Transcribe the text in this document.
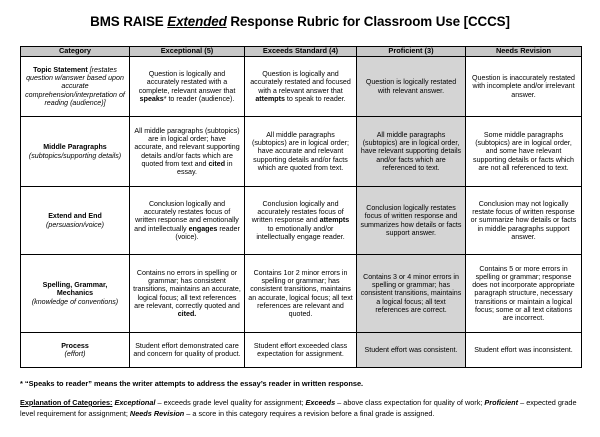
BMS RAISE Extended Response Rubric for Classroom Use [CCCS]
Category	Exceptional (5)	Exceeds Standard (4)	Proficient (3)	Needs Revision
Topic Statement [restates question w/answer based upon accurate comprehension/interpretation of reading (audience)]	Question is logically and accurately restated with a complete, relevant answer that speaks* to reader (audience).	Question is logically and accurately restated and focused with a relevant answer that attempts to speak to reader.	Question is logically restated with relevant answer.	Question is inaccurately restated with incomplete and/or irrelevant answer.

Middle Paragraphs
(subtopics/supporting details)	All middle paragraphs (subtopics) are in logical order; have accurate, and relevant supporting details and/or facts which are quoted from text and cited in essay.	All middle paragraphs (subtopics) are in logical order; have accurate and relevant supporting details and/or facts which are quoted from text.	All middle paragraphs (subtopics) are in logical order, have relevant supporting details and/or facts which are referenced to text.	Some middle paragraphs (subtopics) are in logical order, and some have relevant supporting details or facts which are not all referenced to text.

Extend and End
(persuasion/voice)	Conclusion logically and accurately restates focus of written response and emotionally and intellectually engages reader (voice).	Conclusion logically and accurately restates focus of written response and attempts to emotionally and/or intellectually engage reader.	Conclusion logically restates focus of written response and summarizes how details or facts support answer.	Conclusion may not logically restate focus of written response or summarize how details or facts in middle paragraphs support answer.

Spelling, Grammar, Mechanics
(knowledge of conventions)	Contains no errors in spelling or grammar; has consistent transitions, maintains an accurate, logical focus; all text references are relevant, correctly quoted and cited.	Contains 1or 2 minor errors in spelling or grammar; has consistent transitions, maintains an accurate, logical focus; all text references are relevant and quoted.	Contains 3 or 4 minor errors in spelling or grammar; has consistent transitions, maintains a logical focus; all text references are correct.	Contains 5 or more errors in spelling or grammar; response does not incorporate appropriate paragraph structure, necessary transitions or maintain a logical focus; some or all text citations are incorrect.

Process
(effort)	Student effort demonstrated care and concern for quality of product.	Student effort exceeded class expectation for assignment.	Student effort was consistent.	Student effort was inconsistent.
* “Speaks to reader” means the writer attempts to address the essay’s reader in written response.
Explanation of Categories: Exceptional – exceeds grade level quality for assignment; Exceeds – above class expectation for quality of work; Proficient – expected grade level requirement for assignment; Needs Revision – a score in this category requires a revision before a final grade is assigned.
